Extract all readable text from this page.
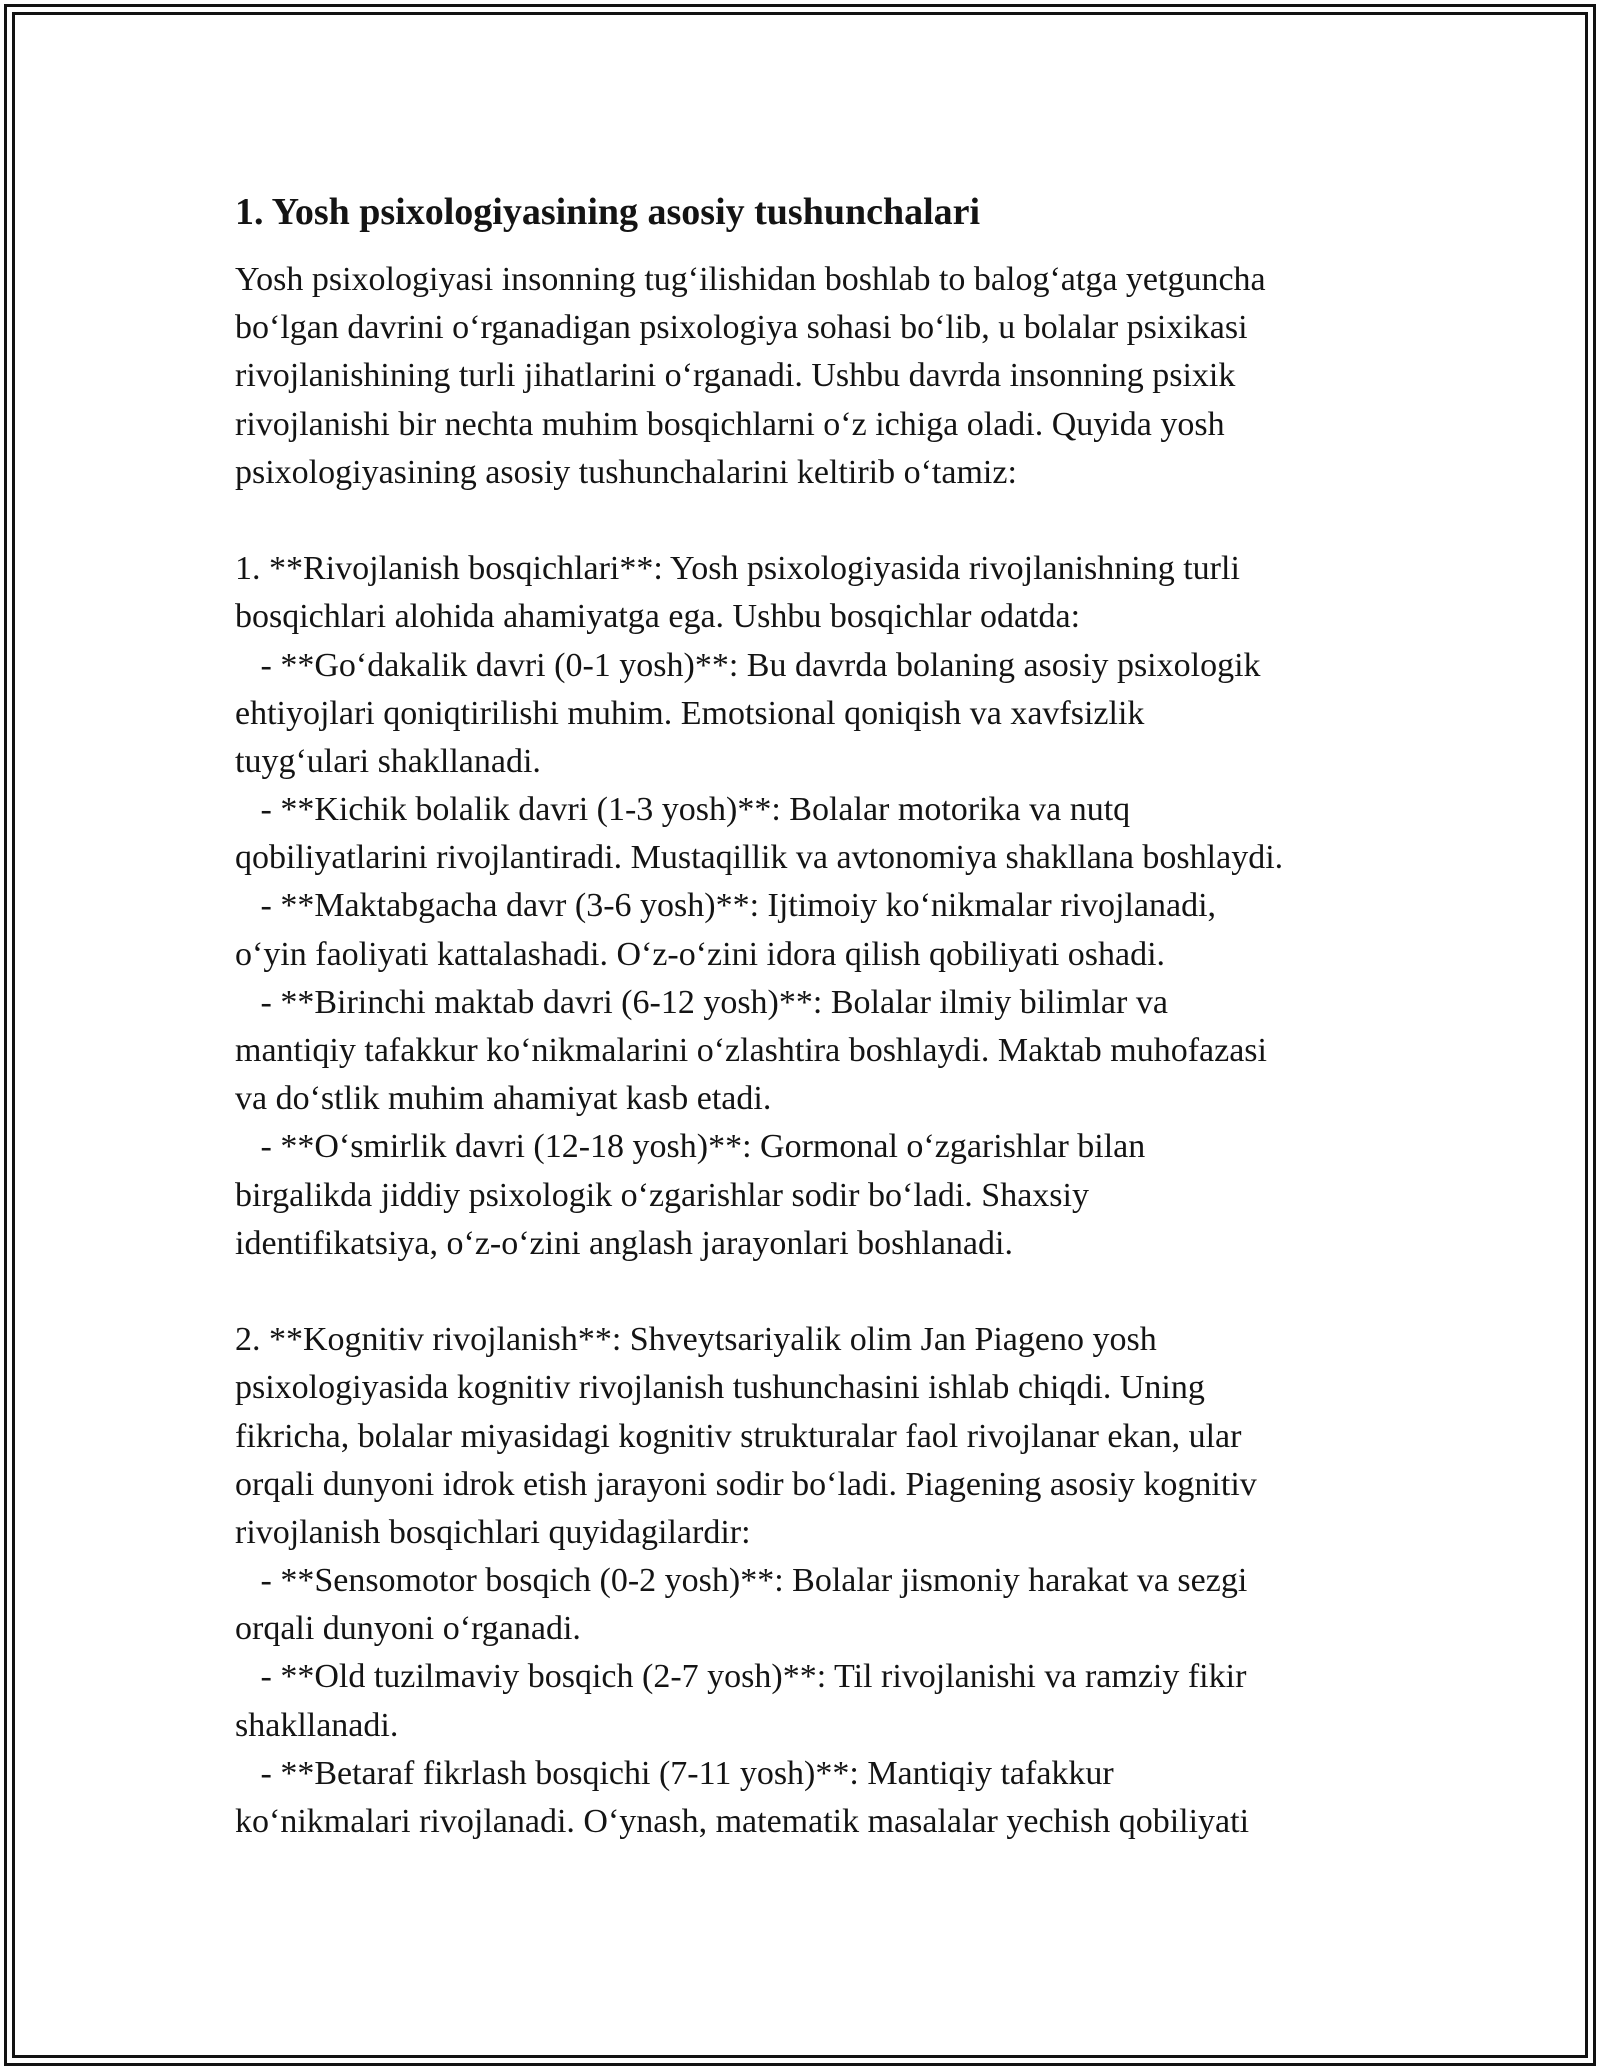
1. Yosh psixologiyasining asosiy tushunchalari
Yosh psixologiyasi insonning tug‘ilishidan boshlab to balog‘atga yetguncha
bo‘lgan davrini o‘rganadigan psixologiya sohasi bo‘lib, u bolalar psixikasi
rivojlanishining turli jihatlarini o‘rganadi. Ushbu davrda insonning psixik
rivojlanishi bir nechta muhim bosqichlarni o‘z ichiga oladi. Quyida yosh
psixologiyasining asosiy tushunchalarini keltirib o‘tamiz:
1. **Rivojlanish bosqichlari**: Yosh psixologiyasida rivojlanishning turli
bosqichlari alohida ahamiyatga ega. Ushbu bosqichlar odatda:
- **Go‘dakalik davri (0-1 yosh)**: Bu davrda bolaning asosiy psixologik
ehtiyojlari qoniqtirilishi muhim. Emotsional qoniqish va xavfsizlik
tuyg‘ulari shakllanadi.
- **Kichik bolalik davri (1-3 yosh)**: Bolalar motorika va nutq
qobiliyatlarini rivojlantiradi. Mustaqillik va avtonomiya shakllana boshlaydi.
- **Maktabgacha davr (3-6 yosh)**: Ijtimoiy ko‘nikmalar rivojlanadi,
o‘yin faoliyati kattalashadi. O‘z-o‘zini idora qilish qobiliyati oshadi.
- **Birinchi maktab davri (6-12 yosh)**: Bolalar ilmiy bilimlar va
mantiqiy tafakkur ko‘nikmalarini o‘zlashtira boshlaydi. Maktab muhofazasi
va do‘stlik muhim ahamiyat kasb etadi.
- **O‘smirlik davri (12-18 yosh)**: Gormonal o‘zgarishlar bilan
birgalikda jiddiy psixologik o‘zgarishlar sodir bo‘ladi. Shaxsiy
identifikatsiya, o‘z-o‘zini anglash jarayonlari boshlanadi.
2. **Kognitiv rivojlanish**: Shveytsariyalik olim Jan Piageno yosh
psixologiyasida kognitiv rivojlanish tushunchasini ishlab chiqdi. Uning
fikricha, bolalar miyasidagi kognitiv strukturalar faol rivojlanar ekan, ular
orqali dunyoni idrok etish jarayoni sodir bo‘ladi. Piagening asosiy kognitiv
rivojlanish bosqichlari quyidagilardir:
- **Sensomotor bosqich (0-2 yosh)**: Bolalar jismoniy harakat va sezgi
orqali dunyoni o‘rganadi.
- **Old tuzilmaviy bosqich (2-7 yosh)**: Til rivojlanishi va ramziy fikir
shakllanadi.
- **Betaraf fikrlash bosqichi (7-11 yosh)**: Mantiqiy tafakkur
ko‘nikmalari rivojlanadi. O‘ynash, matematik masalalar yechish qobiliyati
